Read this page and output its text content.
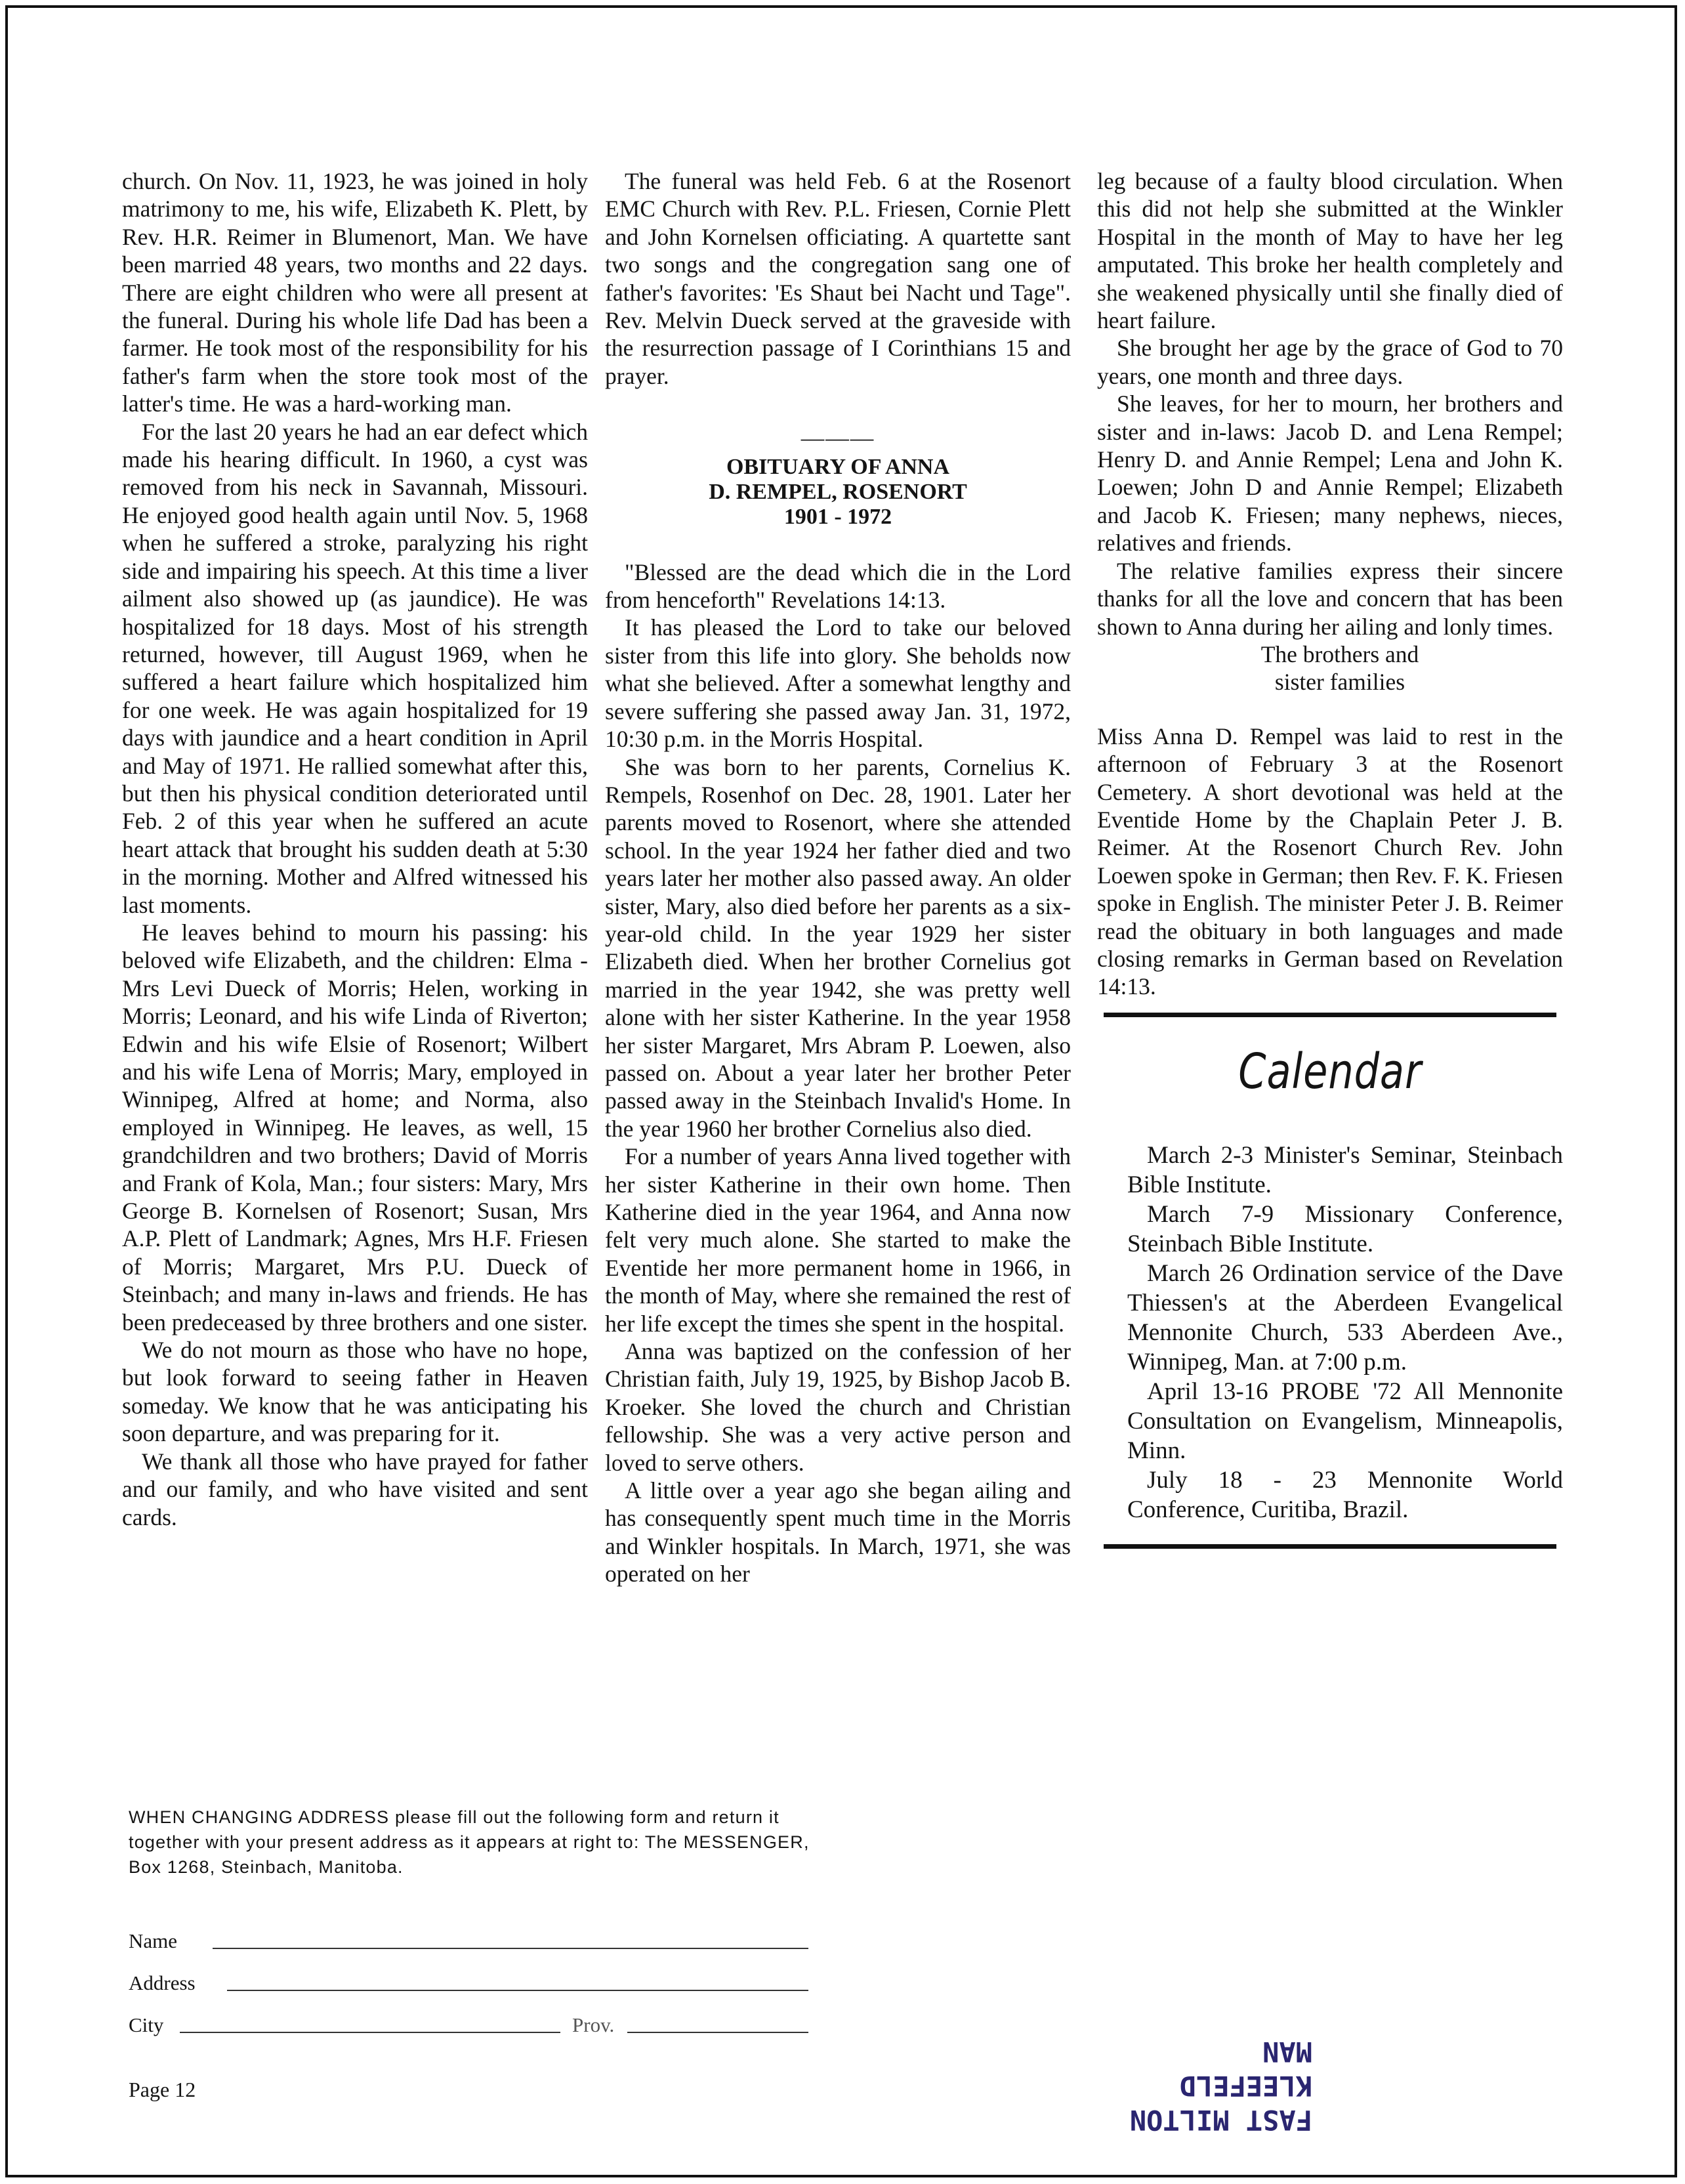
church. On Nov. 11, 1923, he was joined in holy matrimony to me, his wife, Elizabeth K. Plett, by Rev. H.R. Reimer in Blumenort, Man. We have been married 48 years, two months and 22 days. There are eight children who were all present at the funeral. During his whole life Dad has been a farmer. He took most of the responsibility for his father's farm when the store took most of the latter's time. He was a hard-working man.

For the last 20 years he had an ear defect which made his hearing difficult. In 1960, a cyst was removed from his neck in Savannah, Missouri. He enjoyed good health again until Nov. 5, 1968 when he suffered a stroke, paralyzing his right side and impairing his speech. At this time a liver ailment also showed up (as jaundice). He was hospitalized for 18 days. Most of his strength returned, however, till August 1969, when he suffered a heart failure which hospitalized him for one week. He was again hospitalized for 19 days with jaundice and a heart condition in April and May of 1971. He rallied somewhat after this, but then his physical condition deteriorated until Feb. 2 of this year when he suffered an acute heart attack that brought his sudden death at 5:30 in the morning. Mother and Alfred witnessed his last moments.

He leaves behind to mourn his passing: his beloved wife Elizabeth, and the children: Elma - Mrs Levi Dueck of Morris; Helen, working in Morris; Leonard, and his wife Linda of Riverton; Edwin and his wife Elsie of Rosenort; Wilbert and his wife Lena of Morris; Mary, employed in Winnipeg, Alfred at home; and Norma, also employed in Winnipeg. He leaves, as well, 15 grandchildren and two brothers; David of Morris and Frank of Kola, Man.; four sisters: Mary, Mrs George B. Kornelsen of Rosenort; Susan, Mrs A.P. Plett of Landmark; Agnes, Mrs H.F. Friesen of Morris; Margaret, Mrs P.U. Dueck of Steinbach; and many in-laws and friends. He has been predeceased by three brothers and one sister.

We do not mourn as those who have no hope, but look forward to seeing father in Heaven someday. We know that he was anticipating his soon departure, and was preparing for it.

We thank all those who have prayed for father and our family, and who have visited and sent cards.

The funeral was held Feb. 6 at the Rosenort EMC Church with Rev. P.L. Friesen, Cornie Plett and John Kornelsen officiating. A quartette sant two songs and the congregation sang one of father's favorites: 'Es Shaut bei Nacht und Tage". Rev. Melvin Dueck served at the graveside with the resurrection passage of I Corinthians 15 and prayer.

———
OBITUARY OF ANNA
D. REMPEL, ROSENORT
1901 - 1972

"Blessed are the dead which die in the Lord from henceforth" Revelations 14:13.

It has pleased the Lord to take our beloved sister from this life into glory. She beholds now what she believed. After a somewhat lengthy and severe suffering she passed away Jan. 31, 1972, 10:30 p.m. in the Morris Hospital.

She was born to her parents, Cornelius K. Rempels, Rosenhof on Dec. 28, 1901. Later her parents moved to Rosenort, where she attended school. In the year 1924 her father died and two years later her mother also passed away. An older sister, Mary, also died before her parents as a six-year-old child. In the year 1929 her sister Elizabeth died. When her brother Cornelius got married in the year 1942, she was pretty well alone with her sister Katherine. In the year 1958 her sister Margaret, Mrs Abram P. Loewen, also passed on. About a year later her brother Peter passed away in the Steinbach Invalid's Home. In the year 1960 her brother Cornelius also died.

For a number of years Anna lived together with her sister Katherine in their own home. Then Katherine died in the year 1964, and Anna now felt very much alone. She started to make the Eventide her more permanent home in 1966, in the month of May, where she remained the rest of her life except the times she spent in the hospital.

Anna was baptized on the confession of her Christian faith, July 19, 1925, by Bishop Jacob B. Kroeker. She loved the church and Christian fellowship. She was a very active person and loved to serve others.

A little over a year ago she began ailing and has consequently spent much time in the Morris and Winkler hospitals. In March, 1971, she was operated on her

leg because of a faulty blood circulation. When this did not help she submitted at the Winkler Hospital in the month of May to have her leg amputated. This broke her health completely and she weakened physically until she finally died of heart failure.

She brought her age by the grace of God to 70 years, one month and three days.

She leaves, for her to mourn, her brothers and sister and in-laws: Jacob D. and Lena Rempel; Henry D. and Annie Rempel; Lena and John K. Loewen; John D and Annie Rempel; Elizabeth and Jacob K. Friesen; many nephews, nieces, relatives and friends.

The relative families express their sincere thanks for all the love and concern that has been shown to Anna during her ailing and lonly times.

The brothers and

sister families

Miss Anna D. Rempel was laid to rest in the afternoon of February 3 at the Rosenort Cemetery. A short devotional was held at the Eventide Home by the Chaplain Peter J. B. Reimer. At the Rosenort Church Rev. John Loewen spoke in German; then Rev. F. K. Friesen spoke in English. The minister Peter J. B. Reimer read the obituary in both languages and made closing remarks in German based on Revelation 14:13.

Calendar

March 2-3 Minister's Seminar, Steinbach Bible Institute.

March 7-9 Missionary Conference, Steinbach Bible Institute.

March 26 Ordination service of the Dave Thiessen's at the Aberdeen Evangelical Mennonite Church, 533 Aberdeen Ave., Winnipeg, Man. at 7:00 p.m.

April 13-16 PROBE '72 All Mennonite Consultation on Evangelism, Minneapolis, Minn.

July 18 - 23 Mennonite World Conference, Curitiba, Brazil.

WHEN CHANGING ADDRESS please fill out the following form and return it together with your present address as it appears at right to: The MESSENGER, Box 1268, Steinbach, Manitoba.

Name
Address
City	Prov.
Page 12
FAST MILTON
KLEEFELD MAN
